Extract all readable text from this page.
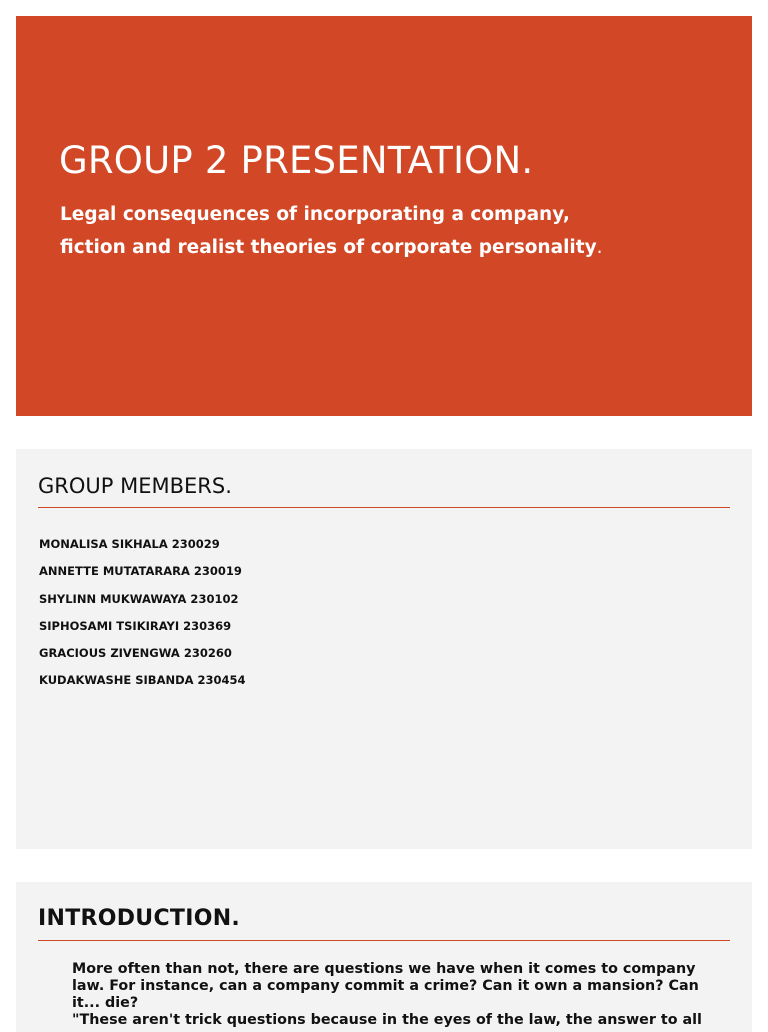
GROUP 2 PRESENTATION.

Legal consequences of incorporating a company,
fiction and realist theories of corporate personality.

GROUP MEMBERS.
MONALISA SIKHALA 230029
ANNETTE MUTATARARA 230019
SHYLINN MUKWAWAYA 230102
SIPHOSAMI TSIKIRAYI 230369
GRACIOUS ZIVENGWA 230260
KUDAKWASHE SIBANDA 230454
INTRODUCTION.

More often than not, there are questions we have when it comes to company
law. For instance, can a company commit a crime? Can it own a mansion? Can
it... die?
"These aren't trick questions because in the eyes of the law, the answer to all
